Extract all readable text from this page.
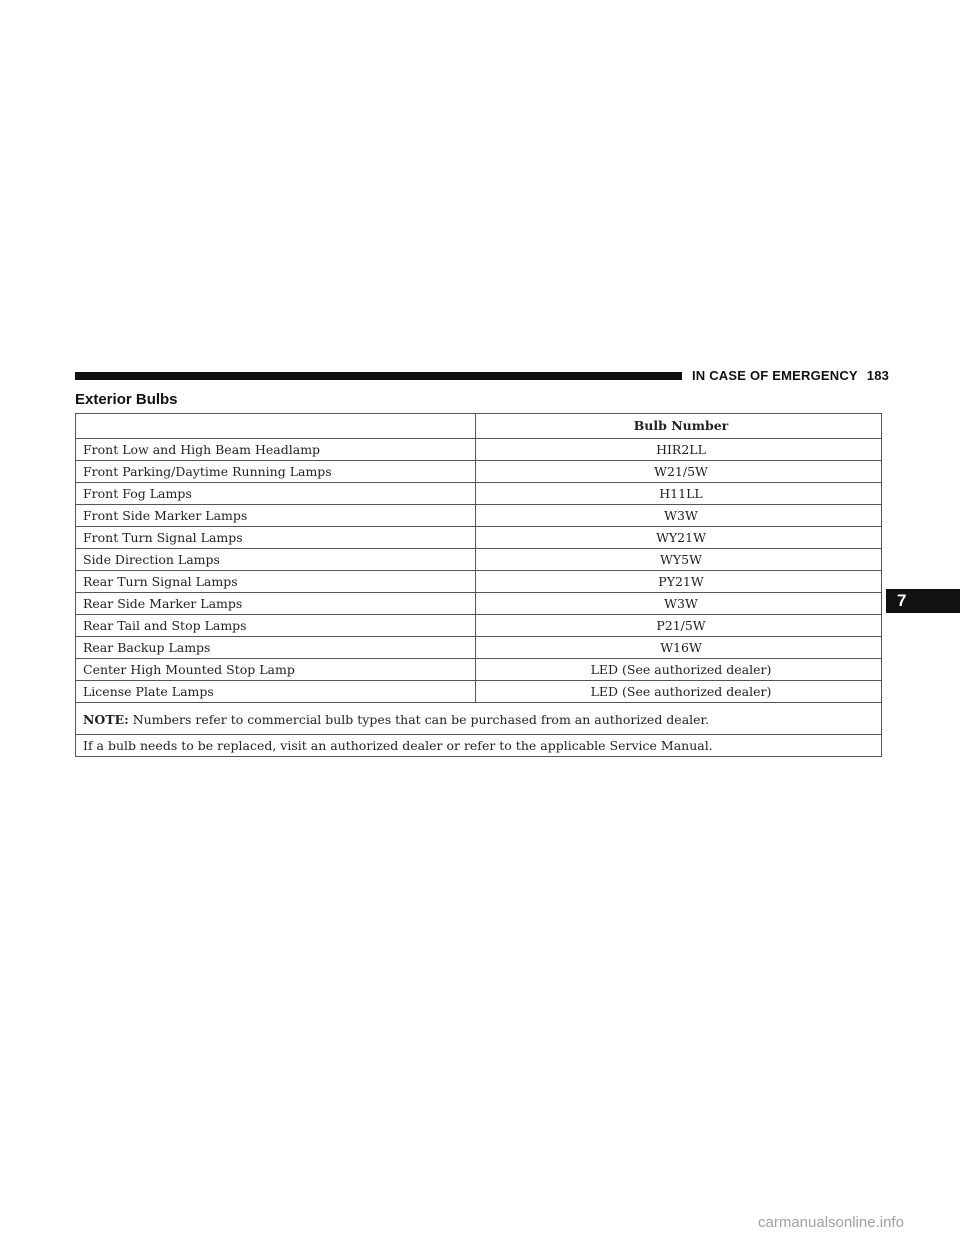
IN CASE OF EMERGENCY 183
Exterior Bulbs
	Bulb Number
Front Low and High Beam Headlamp	HIR2LL
Front Parking/Daytime Running Lamps	W21/5W
Front Fog Lamps	H11LL
Front Side Marker Lamps	W3W
Front Turn Signal Lamps	WY21W
Side Direction Lamps	WY5W
Rear Turn Signal Lamps	PY21W
Rear Side Marker Lamps	W3W
Rear Tail and Stop Lamps	P21/5W
Rear Backup Lamps	W16W
Center High Mounted Stop Lamp	LED (See authorized dealer)
License Plate Lamps	LED (See authorized dealer)
NOTE: Numbers refer to commercial bulb types that can be purchased from an authorized dealer.	
If a bulb needs to be replaced, visit an authorized dealer or refer to the applicable Service Manual.	
7
carmanualsonline.info
